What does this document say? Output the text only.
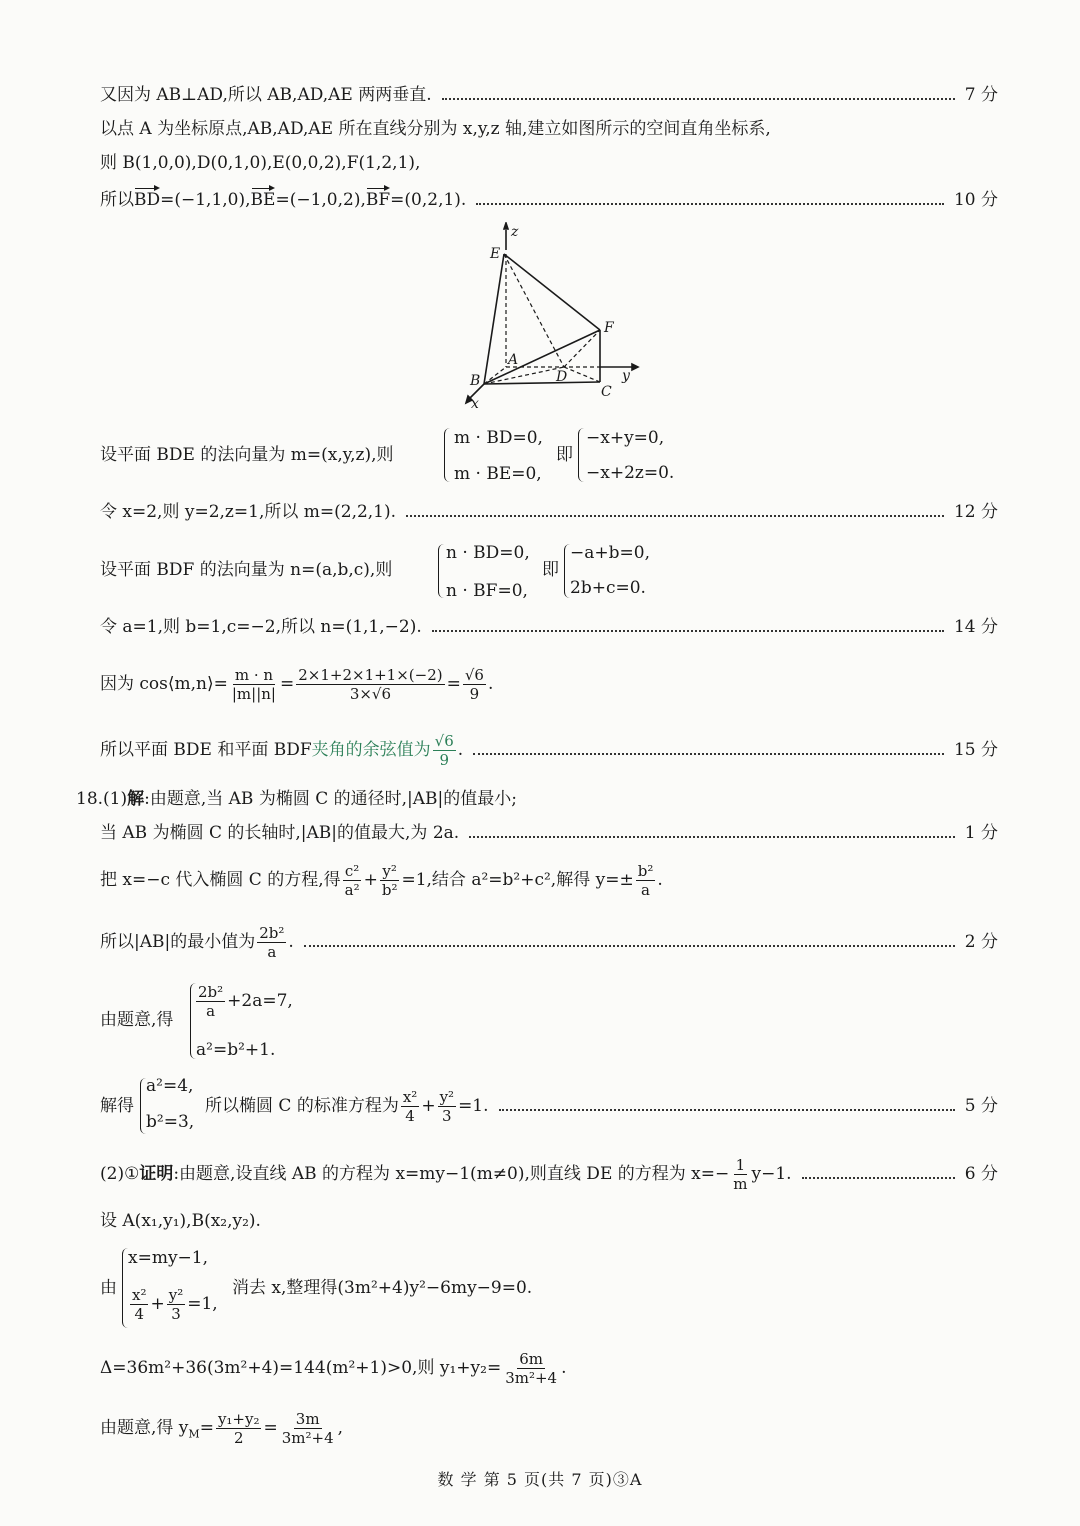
又因为 AB⊥AD,所以 AB,AD,AE 两两垂直.	7 分
以点 A 为坐标原点,AB,AD,AE 所在直线分别为 x,y,z 轴,建立如图所示的空间直角坐标系,
则 B(1,0,0),D(0,1,0),E(0,0,2),F(1,2,1),
所以BD=(−1,1,0),BE=(−1,0,2),BF=(0,2,1).	10 分
z
E
F
A
D	y
B
C
x
设平面 BDE 的法向量为 m=(x,y,z),则
m · BD=0,
m · BE=0,
即
−x+y=0,
−x+2z=0.
令 x=2,则 y=2,z=1,所以 m=(2,2,1).	12 分
设平面 BDF 的法向量为 n=(a,b,c),则
n · BD=0,
n · BF=0,
即
−a+b=0,
2b+c=0.
令 a=1,则 b=1,c=−2,所以 n=(1,1,−2).	14 分
因为 cos⟨m,n⟩= $\frac{m \cdot n}{|m||n|} = \frac{2\times 1+2\times 1+1\times(-2)}{3\times√6} = \frac{√6}{9}$ .
所以平面 BDE 和平面 BDF夹角的余弦值为 $\frac{√6}{9}$ .	15 分
18.(1)解:由题意,当 AB 为椭圆 C 的通径时,|AB|的值最小;
当 AB 为椭圆 C 的长轴时,|AB|的值最大,为 2a.	1 分
把 x=−c 代入椭圆 C 的方程,得 $\frac{\text{c²}}{\text{a²}} + \frac{\text{y²}}{\text{b²}} =1$,结合 a²=b²+c²,解得 $y=\pm \frac{\text{b²}}{a}$ .
所以|AB|的最小值为 $\frac{\text{2b²}}{a}$ .	2 分
由题意,得 $\frac{\text{2b²}}{a} +2a=7$,
a²=b²+1.
解得
a²=4,
b²=3,
所以椭圆 C 的标准方程为 $\frac{\text{x²}}{4} + \frac{\text{y²}}{3} =1$.	5 分
(2)①证明:由题意,设直线 AB 的方程为 x=my−1(m≠0),则直线 DE 的方程为 $x=- \frac{1}{m} y-1$.	6 分
设 A(x₁,y₁),B(x₂,y₂).
由
x=my−1,
$\frac{\text{x²}}{4} + \frac{\text{y²}}{3} =1$,
消去 x,整理得(3m²+4)y²−6my−9=0.
Δ=36m²+36(3m²+4)=144(m²+1)>0,则 $y_1+y_2= \frac{6m}{\text{3m²+4}}$ .
由题意,得 $y_M= \frac{\text{y₁+y₂}}{2} = \frac{3m}{\text{3m²+4}}$ ,
数 学 第 5 页(共 7 页)③A
